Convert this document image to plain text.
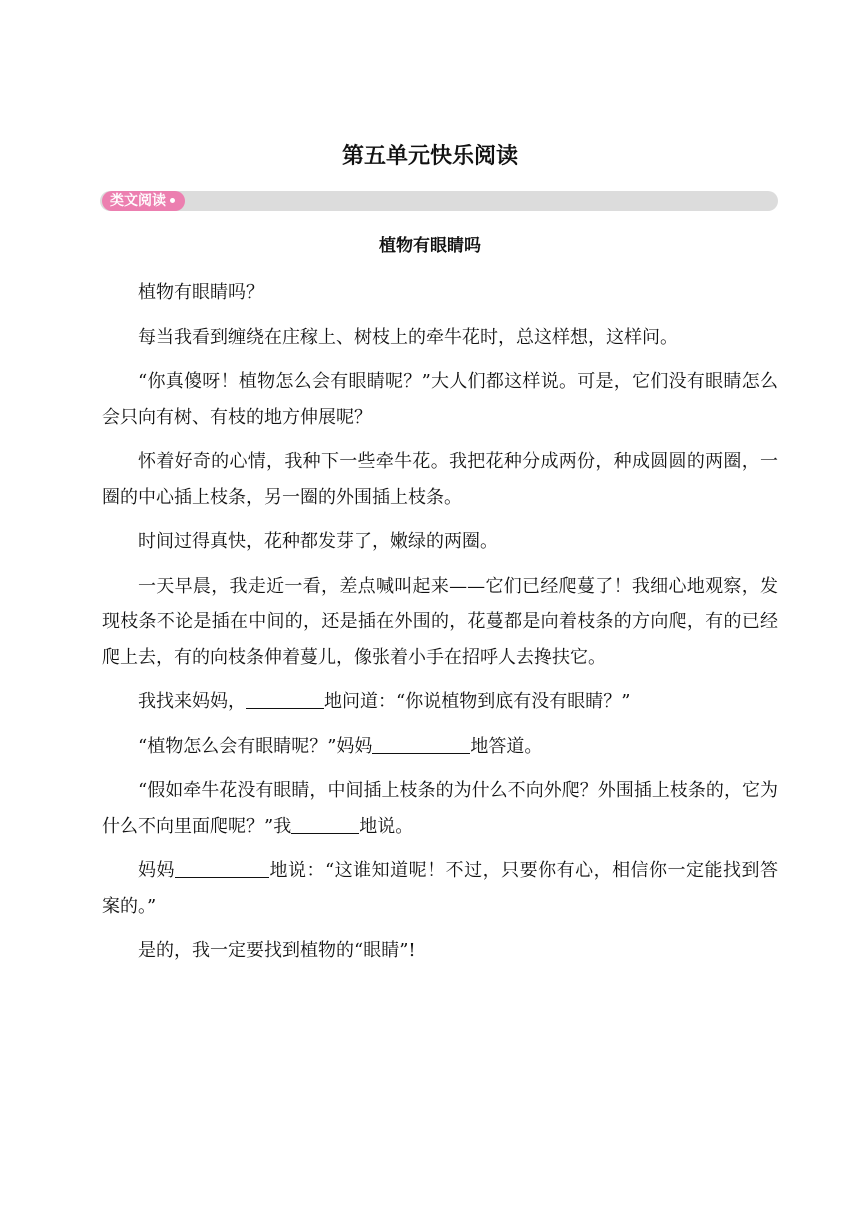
第五单元快乐阅读
类文阅读
植物有眼睛吗

植物有眼睛吗？

每当我看到缠绕在庄稼上、树枝上的牵牛花时，总这样想，这样问。

“你真傻呀！植物怎么会有眼睛呢？”大人们都这样说。可是，它们没有眼睛怎么会只向有树、有枝的地方伸展呢？

怀着好奇的心情，我种下一些牵牛花。我把花种分成两份，种成圆圆的两圈，一圈的中心插上枝条，另一圈的外围插上枝条。

时间过得真快，花种都发芽了，嫩绿的两圈。

一天早晨，我走近一看，差点喊叫起来——它们已经爬蔓了！我细心地观察，发现枝条不论是插在中间的，还是插在外围的，花蔓都是向着枝条的方向爬，有的已经爬上去，有的向枝条伸着蔓儿，像张着小手在招呼人去搀扶它。

我找来妈妈，	地问道：“你说植物到底有没有眼睛？”

“植物怎么会有眼睛呢？”妈妈	地答道。

“假如牵牛花没有眼睛，中间插上枝条的为什么不向外爬？外围插上枝条的，它为什么不向里面爬呢？”我	地说。

妈妈	地说：“这谁知道呢！不过，只要你有心，相信你一定能找到答案的。”

是的，我一定要找到植物的“眼睛”!
